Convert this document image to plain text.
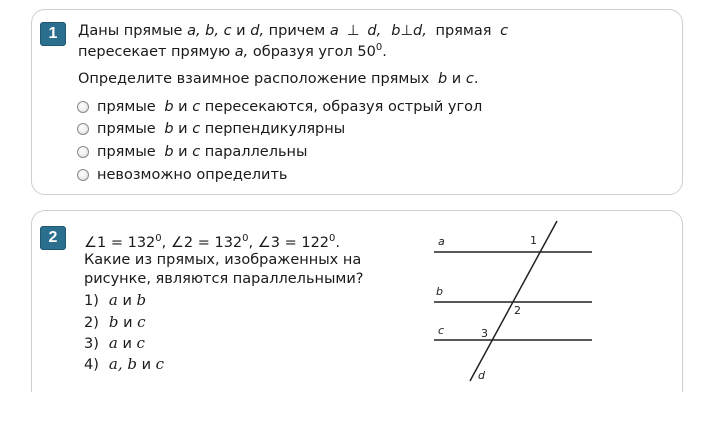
1	Даны прямые a, b, c и d, причем a ⊥ d, b⊥d, прямая c
пересекает прямую a, образуя угол $50^0$.
Определите взаимное расположение прямых b и c.
прямые b и c пересекаются, образуя острый угол
прямые b и c перпендикулярны
прямые b и c параллельны
невозможно определить
2	∠1 = $132^0$, ∠2 = $132^0$, ∠3 = $122^0$.
Какие из прямых, изображенных на
рисунке, являются параллельными?
1) a и b
2) b и c
3) a и c
4) a, b и c
a
b
c
d
1
2
3
